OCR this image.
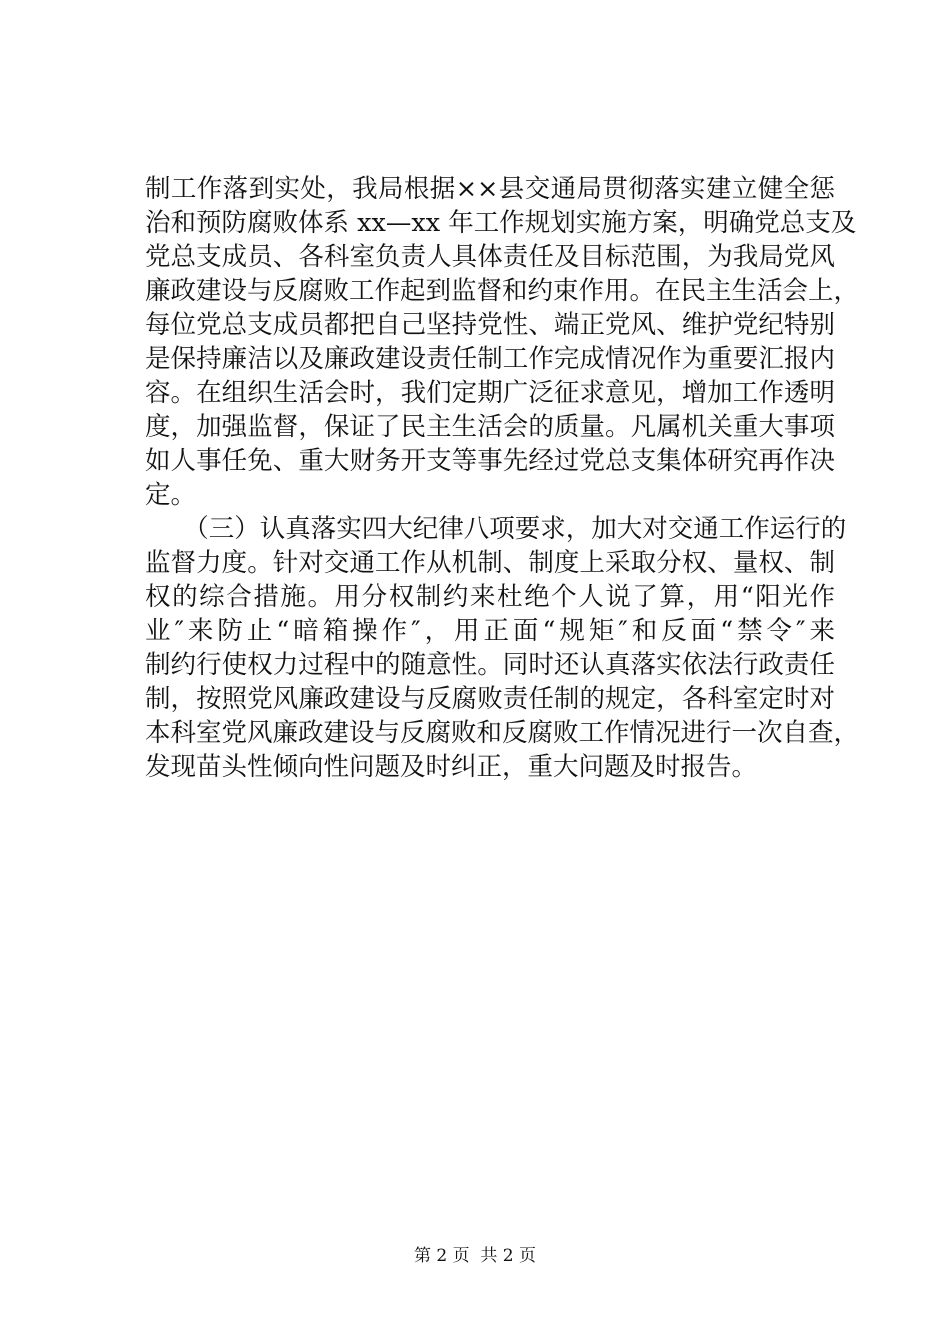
制工作落到实处，我局根据××县交通局贯彻落实建立健全惩
治和预防腐败体系 xx—xx 年工作规划实施方案，明确党总支及
党总支成员、各科室负责人具体责任及目标范围，为我局党风
廉政建设与反腐败工作起到监督和约束作用。在民主生活会上，
每位党总支成员都把自己坚持党性、端正党风、维护党纪特别
是保持廉洁以及廉政建设责任制工作完成情况作为重要汇报内
容。在组织生活会时，我们定期广泛征求意见，增加工作透明
度，加强监督，保证了民主生活会的质量。凡属机关重大事项
如人事任免、重大财务开支等事先经过党总支集体研究再作决
定。
　　（三）认真落实四大纪律八项要求，加大对交通工作运行的
监督力度。针对交通工作从机制、制度上采取分权、量权、制
权的综合措施。用分权制约来杜绝个人说了算，用“阳光作
业″来防止“暗箱操作″，用正面“规矩″和反面“禁令″来
制约行使权力过程中的随意性。同时还认真落实依法行政责任
制，按照党风廉政建设与反腐败责任制的规定，各科室定时对
本科室党风廉政建设与反腐败和反腐败工作情况进行一次自查，
发现苗头性倾向性问题及时纠正，重大问题及时报告。
第 2 页  共 2 页
